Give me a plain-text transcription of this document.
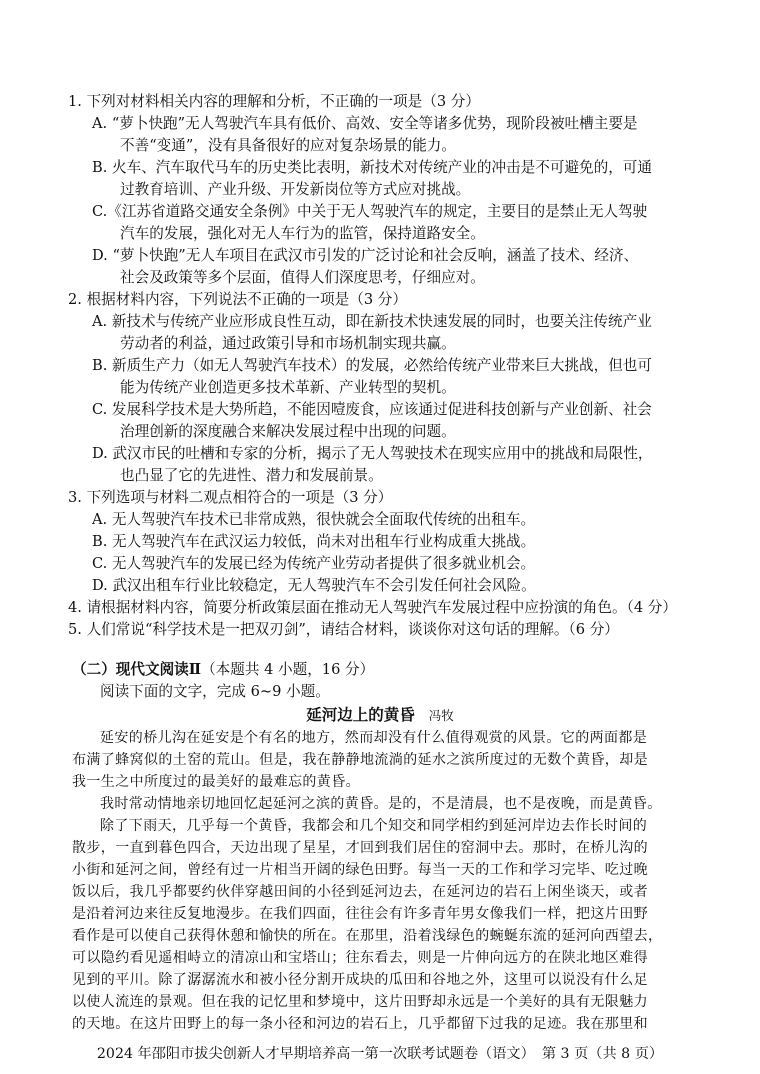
1. 下列对材料相关内容的理解和分析，不正确的一项是（3 分）
A. “萝卜快跑”无人驾驶汽车具有低价、高效、安全等诸多优势，现阶段被吐槽主要是
不善“变通”，没有具备很好的应对复杂场景的能力。
B. 火车、汽车取代马车的历史类比表明，新技术对传统产业的冲击是不可避免的，可通
过教育培训、产业升级、开发新岗位等方式应对挑战。
C.《江苏省道路交通安全条例》中关于无人驾驶汽车的规定，主要目的是禁止无人驾驶
汽车的发展，强化对无人车行为的监管，保持道路安全。
D. “萝卜快跑”无人车项目在武汉市引发的广泛讨论和社会反响，涵盖了技术、经济、
社会及政策等多个层面，值得人们深度思考，仔细应对。
2. 根据材料内容，下列说法不正确的一项是（3 分）
A. 新技术与传统产业应形成良性互动，即在新技术快速发展的同时，也要关注传统产业
劳动者的利益，通过政策引导和市场机制实现共赢。
B. 新质生产力（如无人驾驶汽车技术）的发展，必然给传统产业带来巨大挑战，但也可
能为传统产业创造更多技术革新、产业转型的契机。
C. 发展科学技术是大势所趋，不能因噎废食，应该通过促进科技创新与产业创新、社会
治理创新的深度融合来解决发展过程中出现的问题。
D. 武汉市民的吐槽和专家的分析，揭示了无人驾驶技术在现实应用中的挑战和局限性，
也凸显了它的先进性、潜力和发展前景。
3. 下列选项与材料二观点相符合的一项是（3 分）
A. 无人驾驶汽车技术已非常成熟，很快就会全面取代传统的出租车。
B. 无人驾驶汽车在武汉运力较低，尚未对出租车行业构成重大挑战。
C. 无人驾驶汽车的发展已经为传统产业劳动者提供了很多就业机会。
D. 武汉出租车行业比较稳定，无人驾驶汽车不会引发任何社会风险。
4. 请根据材料内容，简要分析政策层面在推动无人驾驶汽车发展过程中应扮演的角色。（4 分）
5. 人们常说“科学技术是一把双刃剑”，请结合材料，谈谈你对这句话的理解。（6 分）
（二）现代文阅读Ⅱ（本题共 4 小题，16 分）
阅读下面的文字，完成 6~9 小题。
延河边上的黄昏 冯牧
延安的桥儿沟在延安是个有名的地方，然而却没有什么值得观赏的风景。它的两面都是
布满了蜂窝似的土窑的荒山。但是，我在静静地流淌的延水之滨所度过的无数个黄昏，却是
我一生之中所度过的最美好的最难忘的黄昏。
我时常动情地亲切地回忆起延河之滨的黄昏。是的，不是清晨，也不是夜晚，而是黄昏。
除了下雨天，几乎每一个黄昏，我都会和几个知交和同学相约到延河岸边去作长时间的
散步，一直到暮色四合，天边出现了星星，才回到我们居住的窑洞中去。那时，在桥儿沟的
小街和延河之间，曾经有过一片相当开阔的绿色田野。每当一天的工作和学习完毕、吃过晚
饭以后，我几乎都要约伙伴穿越田间的小径到延河边去，在延河边的岩石上闲坐谈天，或者
是沿着河边来往反复地漫步。在我们四面，往往会有许多青年男女像我们一样，把这片田野
看作是可以使自己获得休憩和愉快的所在。在那里，沿着浅绿色的蜿蜒东流的延河向西望去，
可以隐约看见遥相峙立的清凉山和宝塔山；往东看去，则是一片伸向远方的在陕北地区难得
见到的平川。除了潺潺流水和被小径分割开成块的瓜田和谷地之外，这里可以说没有什么足
以使人流连的景观。但在我的记忆里和梦境中，这片田野却永远是一个美好的具有无限魅力
的天地。在这片田野上的每一条小径和河边的岩石上，几乎都留下过我的足迹。我在那里和
2024 年邵阳市拔尖创新人才早期培养高一第一次联考试题卷（语文）　第 3 页（共 8 页）
